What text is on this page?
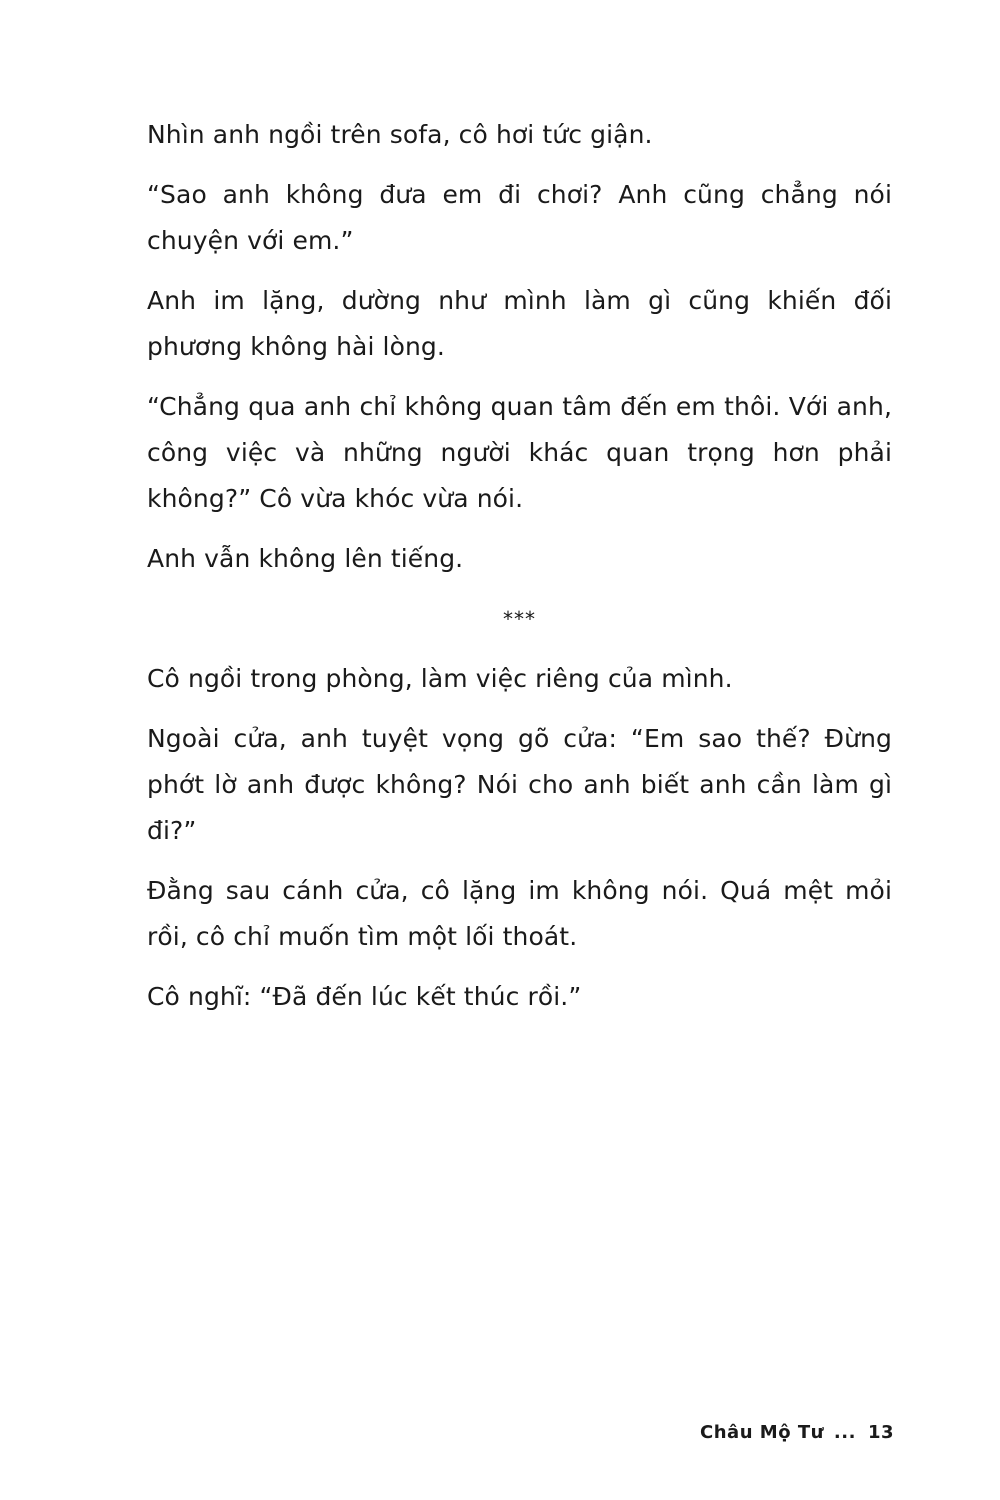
Nhìn anh ngồi trên sofa, cô hơi tức giận.

“Sao anh không đưa em đi chơi? Anh cũng chẳng nói chuyện với em.”

Anh im lặng, dường như mình làm gì cũng khiến đối phương không hài lòng.

“Chẳng qua anh chỉ không quan tâm đến em thôi. Với anh, công việc và những người khác quan trọng hơn phải không?” Cô vừa khóc vừa nói.

Anh vẫn không lên tiếng.

***

Cô ngồi trong phòng, làm việc riêng của mình.

Ngoài cửa, anh tuyệt vọng gõ cửa: “Em sao thế? Đừng phớt lờ anh được không? Nói cho anh biết anh cần làm gì đi?”

Đằng sau cánh cửa, cô lặng im không nói. Quá mệt mỏi rồi, cô chỉ muốn tìm một lối thoát.

Cô nghĩ: “Đã đến lúc kết thúc rồi.”

Châu Mộ Tư ... 13
